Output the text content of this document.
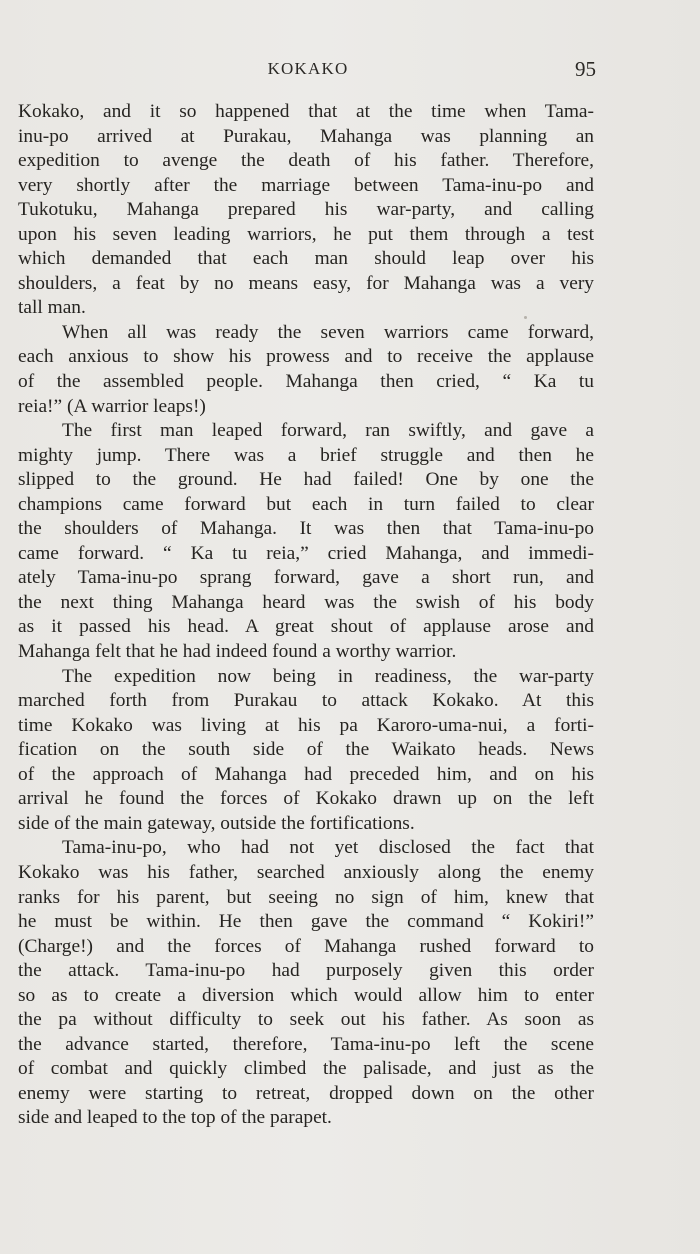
KOKAKO	95
Kokako, and it so happened that at the time when Tama-
inu-po arrived at Purakau, Mahanga was planning an
expedition to avenge the death of his father. Therefore,
very shortly after the marriage between Tama-inu-po and
Tukotuku, Mahanga prepared his war-party, and calling
upon his seven leading warriors, he put them through a test
which demanded that each man should leap over his
shoulders, a feat by no means easy, for Mahanga was a very
tall man.
When all was ready the seven warriors came forward,
each anxious to show his prowess and to receive the applause
of the assembled people. Mahanga then cried, “ Ka tu
reia!” (A warrior leaps!)
The first man leaped forward, ran swiftly, and gave a
mighty jump. There was a brief struggle and then he
slipped to the ground. He had failed! One by one the
champions came forward but each in turn failed to clear
the shoulders of Mahanga. It was then that Tama-inu-po
came forward. “ Ka tu reia,” cried Mahanga, and immedi-
ately Tama-inu-po sprang forward, gave a short run, and
the next thing Mahanga heard was the swish of his body
as it passed his head. A great shout of applause arose and
Mahanga felt that he had indeed found a worthy warrior.
The expedition now being in readiness, the war-party
marched forth from Purakau to attack Kokako. At this
time Kokako was living at his pa Karoro-uma-nui, a forti-
fication on the south side of the Waikato heads. News
of the approach of Mahanga had preceded him, and on his
arrival he found the forces of Kokako drawn up on the left
side of the main gateway, outside the fortifications.
Tama-inu-po, who had not yet disclosed the fact that
Kokako was his father, searched anxiously along the enemy
ranks for his parent, but seeing no sign of him, knew that
he must be within. He then gave the command “ Kokiri!”
(Charge!) and the forces of Mahanga rushed forward to
the attack. Tama-inu-po had purposely given this order
so as to create a diversion which would allow him to enter
the pa without difficulty to seek out his father. As soon as
the advance started, therefore, Tama-inu-po left the scene
of combat and quickly climbed the palisade, and just as the
enemy were starting to retreat, dropped down on the other
side and leaped to the top of the parapet.
